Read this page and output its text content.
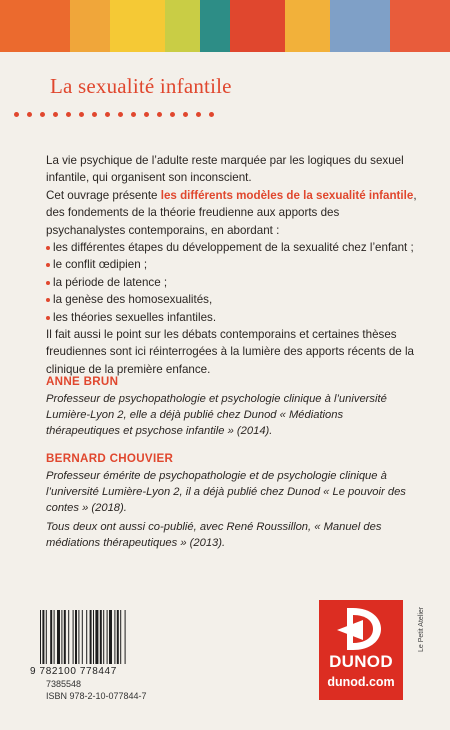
La sexualité infantile

La vie psychique de l’adulte reste marquée par les logiques du sexuel infantile, qui organisent son inconscient.

Cet ouvrage présente les différents modèles de la sexualité infantile, des fondements de la théorie freudienne aux apports des psychanalystes contemporains, en abordant :

les différentes étapes du développement de la sexualité chez l’enfant ;
le conflit œdipien ;
la période de latence ;
la genèse des homosexualités,
les théories sexuelles infantiles.

Il fait aussi le point sur les débats contemporains et certaines thèses freudiennes sont ici réinterrogées à la lumière des apports récents de la clinique de la première enfance.

ANNE BRUN

Professeur de psychopathologie et psychologie clinique à l’université Lumière-Lyon 2, elle a déjà publié chez Dunod « Médiations thérapeutiques et psychose infantile » (2014).

BERNARD CHOUVIER

Professeur émérite de psychopathologie et de psychologie clinique à l’université Lumière-Lyon 2, il a déjà publié chez Dunod « Le pouvoir des contes » (2018).

Tous deux ont aussi co-publié, avec René Roussillon, « Manuel des médiations thérapeutiques » (2013).

9 782100 778447
7385548
ISBN 978-2-10-077844-7
DUNOD
dunod.com
Le Petit Atelier
